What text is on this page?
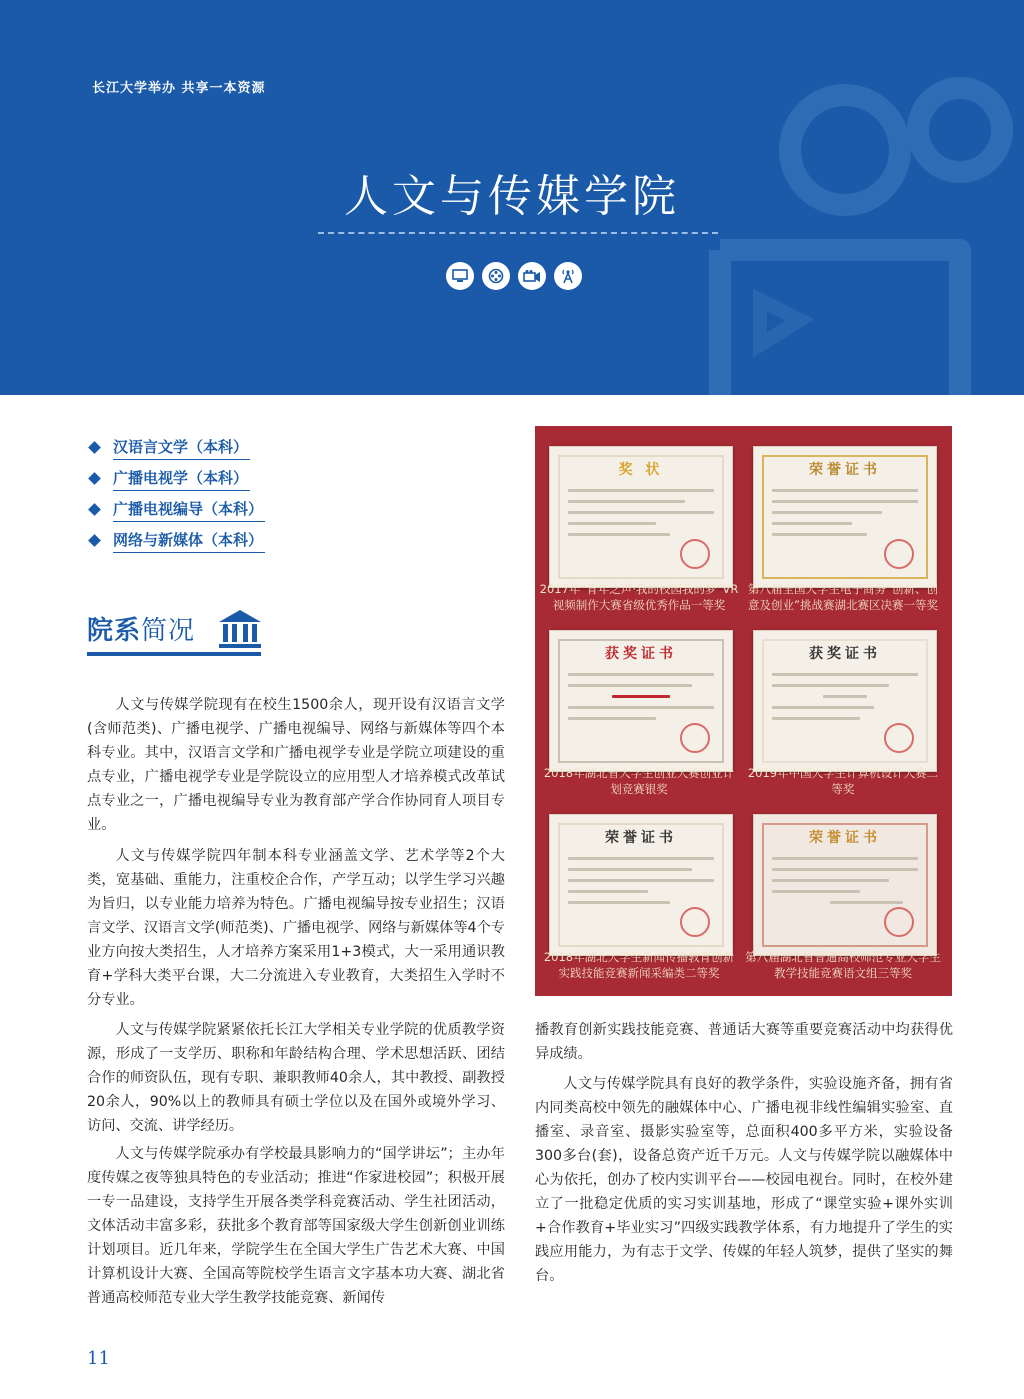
长江大学举办 共享一本资源
人文与传媒学院
汉语言文学（本科）
广播电视学（本科）
广播电视编导（本科）
网络与新媒体（本科）
院系简况

人文与传媒学院现有在校生1500余人，现开设有汉语言文学(含师范类)、广播电视学、广播电视编导、网络与新媒体等四个本科专业。其中，汉语言文学和广播电视学专业是学院立项建设的重点专业，广播电视学专业是学院设立的应用型人才培养模式改革试点专业之一，广播电视编导专业为教育部产学合作协同育人项目专业。

人文与传媒学院四年制本科专业涵盖文学、艺术学等2个大类，宽基础、重能力，注重校企合作，产学互动；以学生学习兴趣为旨归，以专业能力培养为特色。广播电视编导按专业招生；汉语言文学、汉语言文学(师范类)、广播电视学、网络与新媒体等4个专业方向按大类招生，人才培养方案采用1+3模式，大一采用通识教育+学科大类平台课，大二分流进入专业教育，大类招生入学时不分专业。

人文与传媒学院紧紧依托长江大学相关专业学院的优质教学资源，形成了一支学历、职称和年龄结构合理、学术思想活跃、团结合作的师资队伍，现有专职、兼职教师40余人，其中教授、副教授20余人，90%以上的教师具有硕士学位以及在国外或境外学习、访问、交流、讲学经历。

人文与传媒学院承办有学校最具影响力的“国学讲坛”；主办年度传媒之夜等独具特色的专业活动；推进“作家进校园”；积极开展一专一品建设，支持学生开展各类学科竞赛活动、学生社团活动，文体活动丰富多彩，获批多个教育部等国家级大学生创新创业训练计划项目。近几年来，学院学生在全国大学生广告艺术大赛、中国计算机设计大赛、全国高等院校学生语言文字基本功大赛、湖北省普通高校师范专业大学生教学技能竞赛、新闻传

奖 状
2017年“青年之声·我的校园我的梦”VR视频制作大赛省级优秀作品一等奖
荣誉证书
第八届全国大学生电子商务“创新、创意及创业”挑战赛湖北赛区决赛一等奖
获奖证书
2018年湖北省大学生创业大赛创业计划竞赛银奖
获奖证书
2019年中国大学生计算机设计大赛二等奖
荣誉证书
2018年湖北大学生新闻传播教育创新实践技能竞赛新闻采编类二等奖
荣誉证书
第八届湖北省普通高校师范专业大学生教学技能竞赛语文组三等奖

播教育创新实践技能竞赛、普通话大赛等重要竞赛活动中均获得优异成绩。

人文与传媒学院具有良好的教学条件，实验设施齐备，拥有省内同类高校中领先的融媒体中心、广播电视非线性编辑实验室、直播室、录音室、摄影实验室等，总面积400多平方米，实验设备300多台(套)，设备总资产近千万元。人文与传媒学院以融媒体中心为依托，创办了校内实训平台——校园电视台。同时，在校外建立了一批稳定优质的实习实训基地，形成了“课堂实验+课外实训+合作教育+毕业实习”四级实践教学体系，有力地提升了学生的实践应用能力，为有志于文学、传媒的年轻人筑梦，提供了坚实的舞台。

11
